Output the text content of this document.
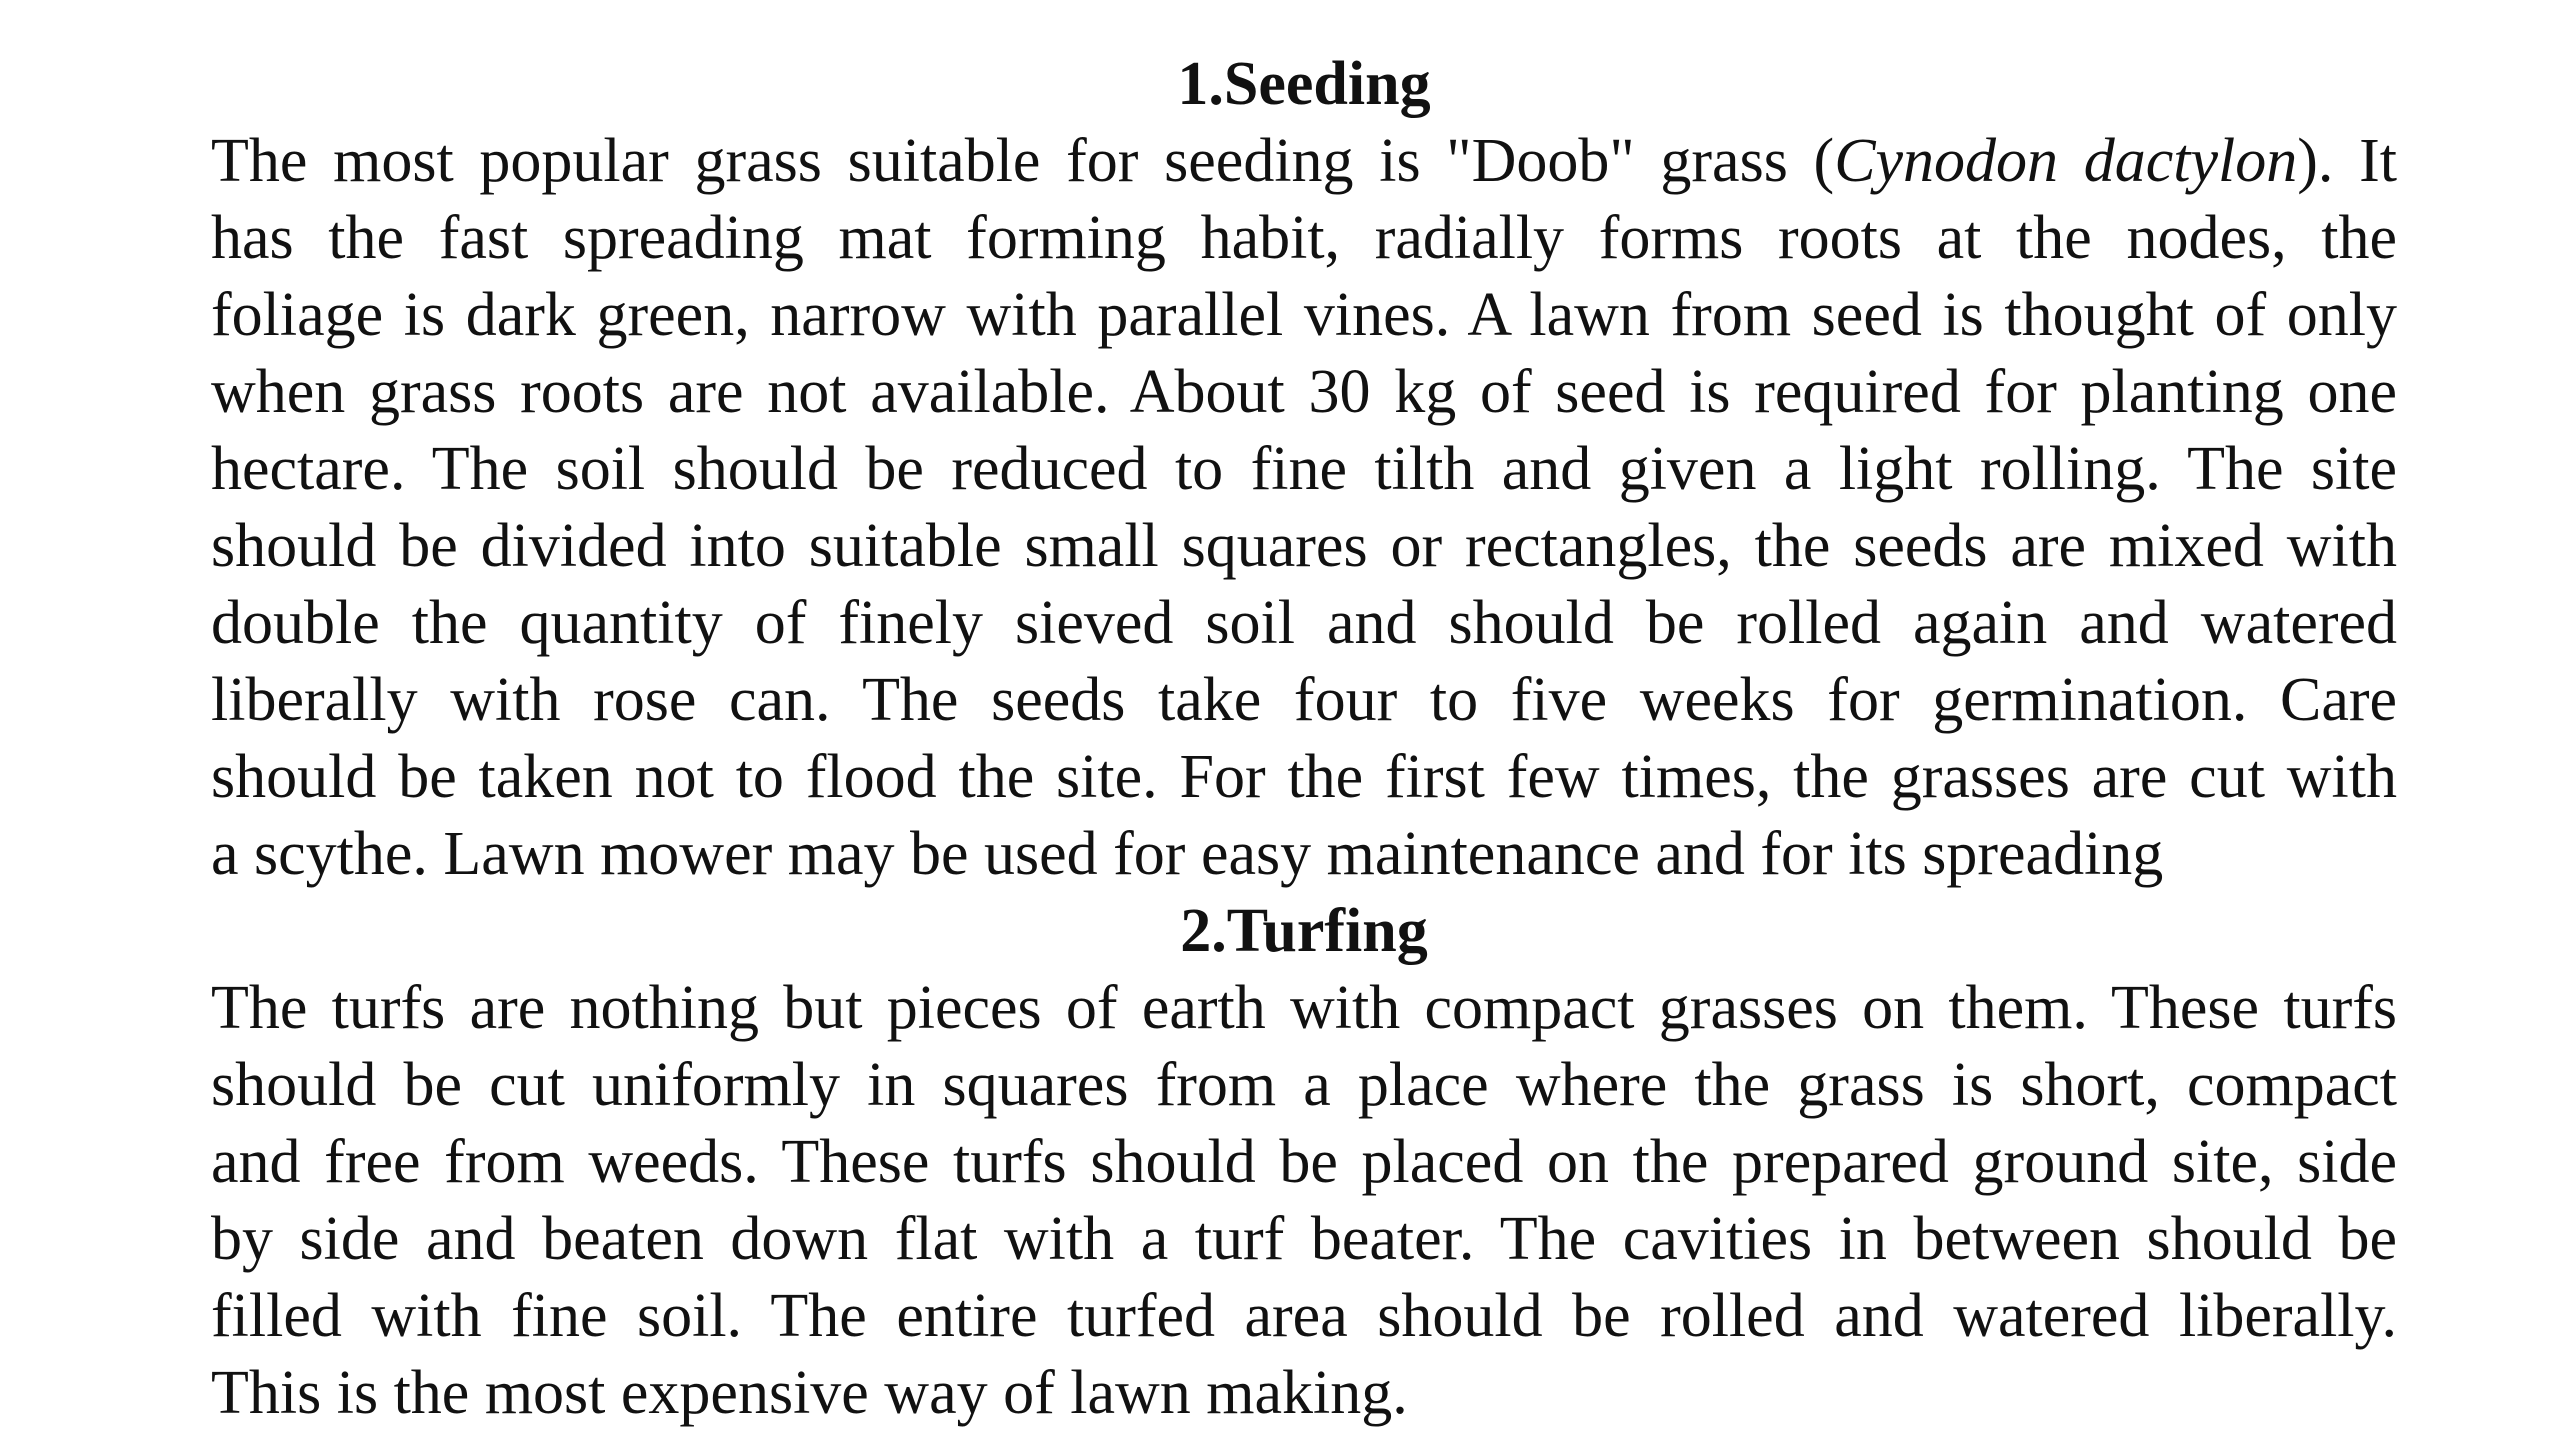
1.Seeding
The most popular grass suitable for seeding is "Doob" grass (Cynodon dactylon). It
has the fast spreading mat forming habit, radially forms roots at the nodes, the
foliage is dark green, narrow with parallel vines. A lawn from seed is thought of only
when grass roots are not available. About 30 kg of seed is required for planting one
hectare. The soil should be reduced to fine tilth and given a light rolling. The site
should be divided into suitable small squares or rectangles, the seeds are mixed with
double the quantity of finely sieved soil and should be rolled again and watered
liberally with rose can. The seeds take four to five weeks for germination. Care
should be taken not to flood the site. For the first few times, the grasses are cut with
a scythe. Lawn mower may be used for easy maintenance and for its spreading
2.Turfing
The turfs are nothing but pieces of earth with compact grasses on them. These turfs
should be cut uniformly in squares from a place where the grass is short, compact
and free from weeds. These turfs should be placed on the prepared ground site, side
by side and beaten down flat with a turf beater. The cavities in between should be
filled with fine soil. The entire turfed area should be rolled and watered liberally.
This is the most expensive way of lawn making.
